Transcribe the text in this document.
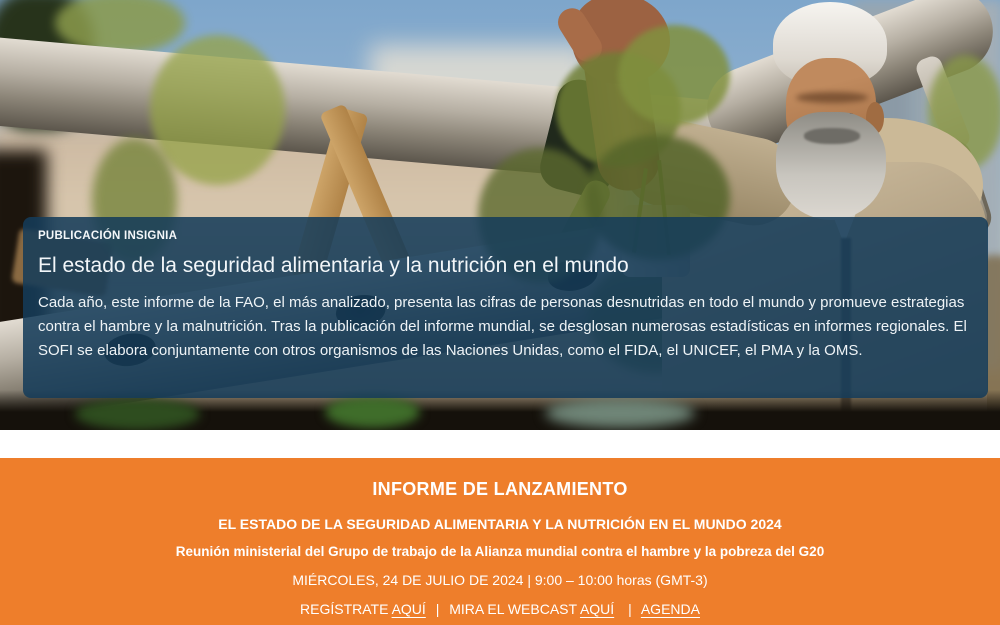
PUBLICACIÓN INSIGNIA
El estado de la seguridad alimentaria y la nutrición en el mundo
Cada año, este informe de la FAO, el más analizado, presenta las cifras de personas desnutridas en todo el mundo y promueve estrategias contra el hambre y la malnutrición. Tras la publicación del informe mundial, se desglosan numerosas estadísticas en informes regionales. El SOFI se elabora conjuntamente con otros organismos de las Naciones Unidas, como el FIDA, el UNICEF, el PMA y la OMS.
INFORME DE LANZAMIENTO
EL ESTADO DE LA SEGURIDAD ALIMENTARIA Y LA NUTRICIÓN EN EL MUNDO 2024
Reunión ministerial del Grupo de trabajo de la Alianza mundial contra el hambre y la pobreza del G20
MIÉRCOLES, 24 DE JULIO DE 2024 | 9:00 – 10:00 horas (GMT-3)
REGÍSTRATE AQUÍ | MIRA EL WEBCAST AQUÍ | AGENDA
